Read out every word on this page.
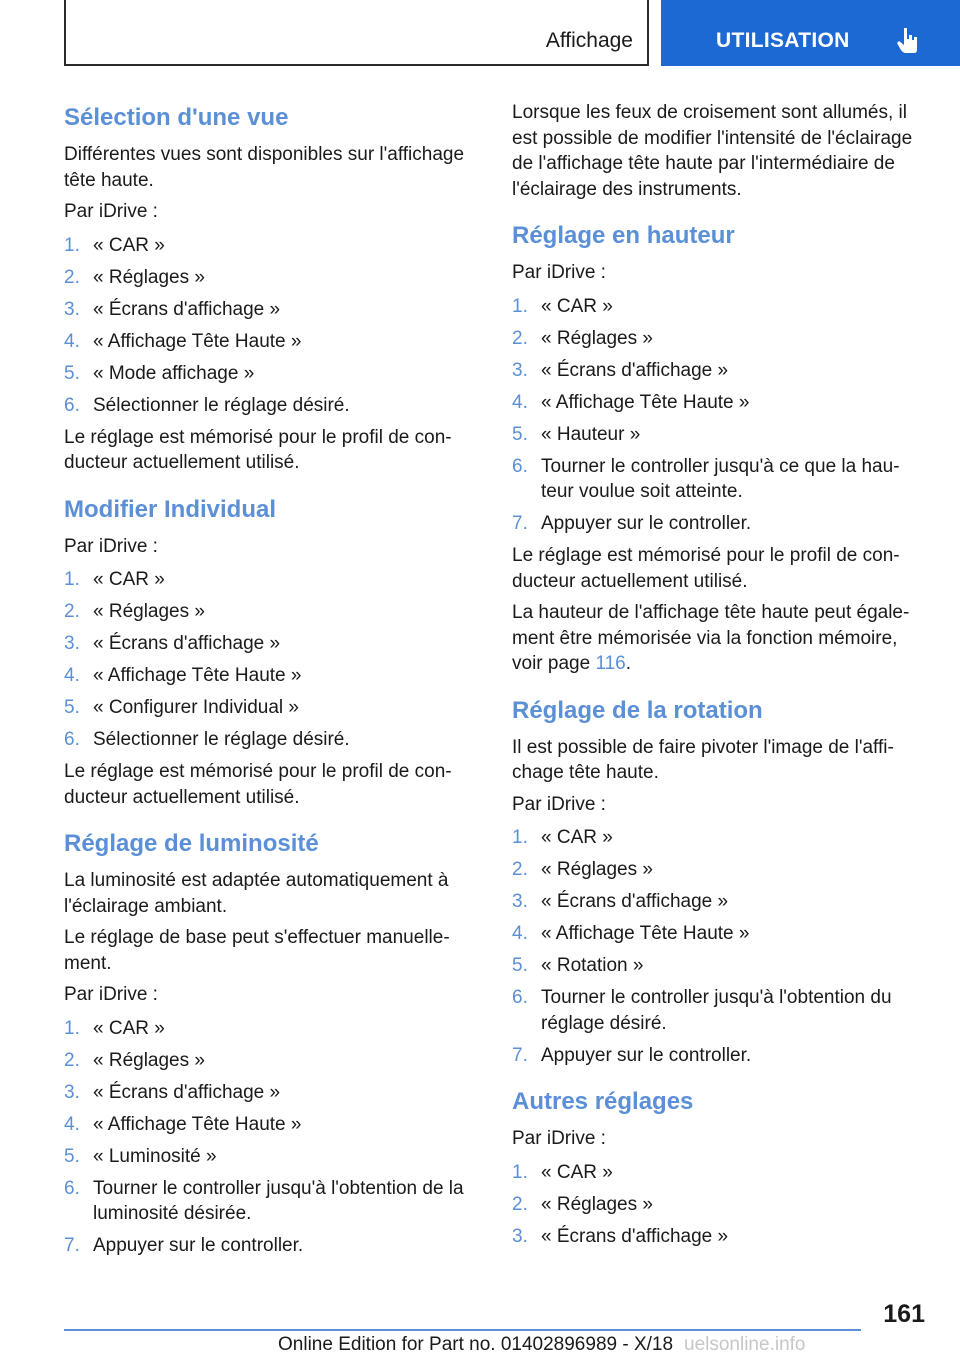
Affichage	UTILISATION
Sélection d'une vue

Différentes vues sont disponibles sur l'affichage tête haute.

Par iDrive :

1. « CAR »
2. « Réglages »
3. « Écrans d'affichage »
4. « Affichage Tête Haute »
5. « Mode affichage »
6. Sélectionner le réglage désiré.

Le réglage est mémorisé pour le profil de conducteur actuellement utilisé.

Modifier Individual

Par iDrive :

1. « CAR »
2. « Réglages »
3. « Écrans d'affichage »
4. « Affichage Tête Haute »
5. « Configurer Individual »
6. Sélectionner le réglage désiré.

Le réglage est mémorisé pour le profil de conducteur actuellement utilisé.

Réglage de luminosité

La luminosité est adaptée automatiquement à l'éclairage ambiant.

Le réglage de base peut s'effectuer manuellement.

Par iDrive :

1. « CAR »
2. « Réglages »
3. « Écrans d'affichage »
4. « Affichage Tête Haute »
5. « Luminosité »
6. Tourner le controller jusqu'à l'obtention de la luminosité désirée.
7. Appuyer sur le controller.

Lorsque les feux de croisement sont allumés, il est possible de modifier l'intensité de l'éclairage de l'affichage tête haute par l'intermédiaire de l'éclairage des instruments.

Réglage en hauteur

Par iDrive :

1. « CAR »
2. « Réglages »
3. « Écrans d'affichage »
4. « Affichage Tête Haute »
5. « Hauteur »
6. Tourner le controller jusqu'à ce que la hauteur voulue soit atteinte.
7. Appuyer sur le controller.

Le réglage est mémorisé pour le profil de conducteur actuellement utilisé.

La hauteur de l'affichage tête haute peut également être mémorisée via la fonction mémoire, voir page 116.

Réglage de la rotation

Il est possible de faire pivoter l'image de l'affichage tête haute.

Par iDrive :

1. « CAR »
2. « Réglages »
3. « Écrans d'affichage »
4. « Affichage Tête Haute »
5. « Rotation »
6. Tourner le controller jusqu'à l'obtention du réglage désiré.
7. Appuyer sur le controller.
Autres réglages

Par iDrive :

1. « CAR »
2. « Réglages »
3. « Écrans d'affichage »
161
Online Edition for Part no. 01402896989 - X/18 uelsonline.info
